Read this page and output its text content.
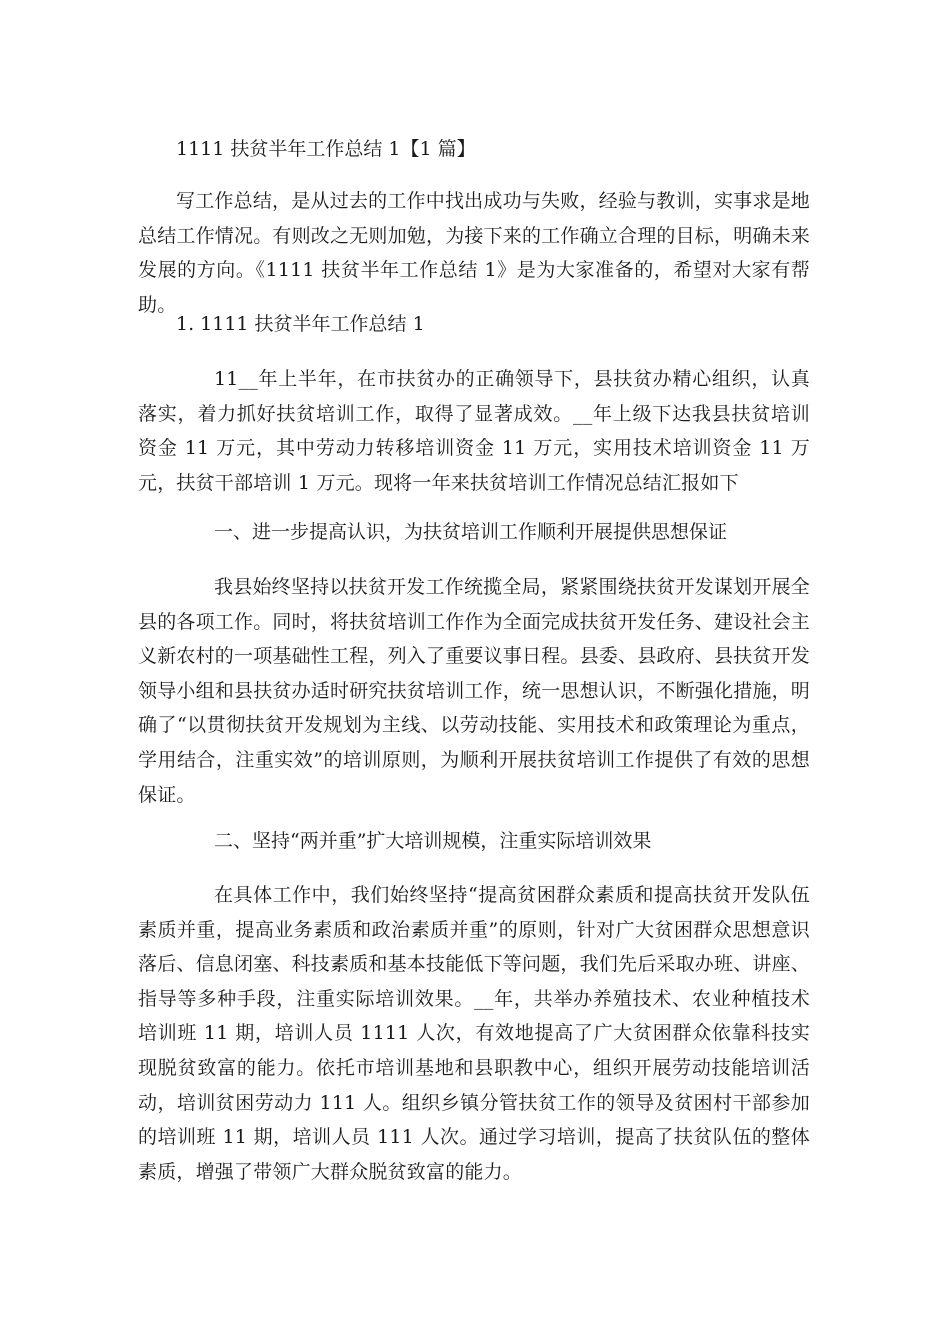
1111 扶贫半年工作总结 1【1 篇】

写工作总结，是从过去的工作中找出成功与失败，经验与教训，实事求是地总结工作情况。有则改之无则加勉，为接下来的工作确立合理的目标，明确未来发展的方向。《1111 扶贫半年工作总结 1》是为大家准备的，希望对大家有帮助。

1. 1111 扶贫半年工作总结 1

11__年上半年，在市扶贫办的正确领导下，县扶贫办精心组织，认真落实，着力抓好扶贫培训工作，取得了显著成效。__年上级下达我县扶贫培训资金 11 万元，其中劳动力转移培训资金 11 万元，实用技术培训资金 11 万元，扶贫干部培训 1 万元。现将一年来扶贫培训工作情况总结汇报如下

一、进一步提高认识，为扶贫培训工作顺利开展提供思想保证

我县始终坚持以扶贫开发工作统揽全局，紧紧围绕扶贫开发谋划开展全县的各项工作。同时，将扶贫培训工作作为全面完成扶贫开发任务、建设社会主义新农村的一项基础性工程，列入了重要议事日程。县委、县政府、县扶贫开发领导小组和县扶贫办适时研究扶贫培训工作，统一思想认识，不断强化措施，明确了“以贯彻扶贫开发规划为主线、以劳动技能、实用技术和政策理论为重点，学用结合，注重实效”的培训原则，为顺利开展扶贫培训工作提供了有效的思想保证。

二、坚持“两并重”扩大培训规模，注重实际培训效果

在具体工作中，我们始终坚持“提高贫困群众素质和提高扶贫开发队伍素质并重，提高业务素质和政治素质并重”的原则，针对广大贫困群众思想意识落后、信息闭塞、科技素质和基本技能低下等问题，我们先后采取办班、讲座、指导等多种手段，注重实际培训效果。__年，共举办养殖技术、农业种植技术培训班 11 期，培训人员 1111 人次，有效地提高了广大贫困群众依靠科技实现脱贫致富的能力。依托市培训基地和县职教中心，组织开展劳动技能培训活动，培训贫困劳动力 111 人。组织乡镇分管扶贫工作的领导及贫困村干部参加的培训班 11 期，培训人员 111 人次。通过学习培训，提高了扶贫队伍的整体素质，增强了带领广大群众脱贫致富的能力。
